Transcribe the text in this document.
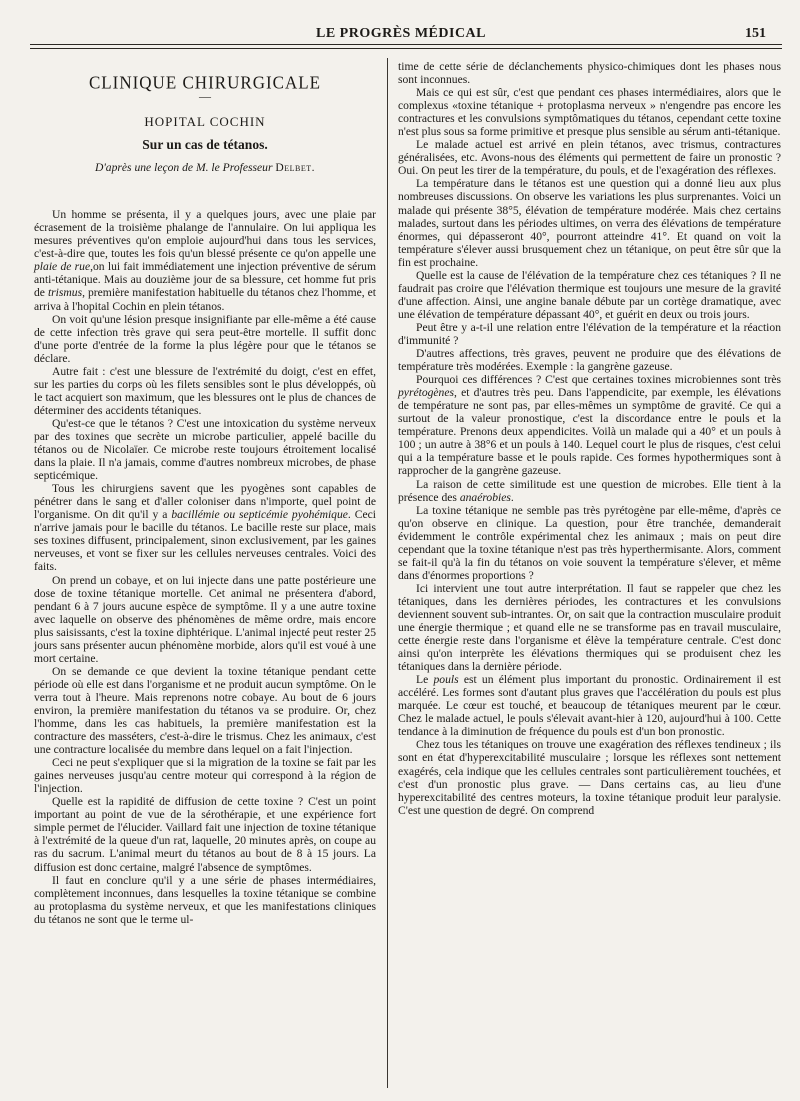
LE PROGRÈS MÉDICAL	151
CLINIQUE CHIRURGICALE
—
HOPITAL COCHIN
Sur un cas de tétanos.
D'après une leçon de M. le Professeur Delbet.

Un homme se présenta, il y a quelques jours, avec une plaie par écrasement de la troisième phalange de l'annulaire. On lui appliqua les mesures préventives qu'on emploie aujourd'hui dans tous les services, c'est-à-dire que, toutes les fois qu'un blessé présente ce qu'on appelle une plaie de rue,on lui fait immédiatement une injection préventive de sérum anti-tétanique. Mais au douzième jour de sa blessure, cet homme fut pris de trismus, première manifestation habituelle du tétanos chez l'homme, et arriva à l'hopital Cochin en plein tétanos.

On voit qu'une lésion presque insignifiante par elle-même a été cause de cette infection très grave qui sera peut-être mortelle. Il suffit donc d'une porte d'entrée de la forme la plus légère pour que le tétanos se déclare.

Autre fait : c'est une blessure de l'extrémité du doigt, c'est en effet, sur les parties du corps où les filets sensibles sont le plus développés, où le tact acquiert son maximum, que les blessures ont le plus de chances de déterminer des accidents tétaniques.

Qu'est-ce que le tétanos ? C'est une intoxication du système nerveux par des toxines que secrète un microbe particulier, appelé bacille du tétanos ou de Nicolaïer. Ce microbe reste toujours étroitement localisé dans la plaie. Il n'a jamais, comme d'autres nombreux microbes, de phase septicémique.

Tous les chirurgiens savent que les pyogènes sont capables de pénétrer dans le sang et d'aller coloniser dans n'importe, quel point de l'organisme. On dit qu'il y a bacillémie ou septicémie pyohémique. Ceci n'arrive jamais pour le bacille du tétanos. Le bacille reste sur place, mais ses toxines diffusent, principalement, sinon exclusivement, par les gaines nerveuses, et vont se fixer sur les cellules nerveuses centrales. Voici des faits.

On prend un cobaye, et on lui injecte dans une patte postérieure une dose de toxine tétanique mortelle. Cet animal ne présentera d'abord, pendant 6 à 7 jours aucune espèce de symptôme. Il y a une autre toxine avec laquelle on observe des phénomènes de même ordre, mais encore plus saisissants, c'est la toxine diphtérique. L'animal injecté peut rester 25 jours sans présenter aucun phénomène morbide, alors qu'il est voué à une mort certaine.

On se demande ce que devient la toxine tétanique pendant cette période où elle est dans l'organisme et ne produit aucun symptôme. On le verra tout à l'heure. Mais reprenons notre cobaye. Au bout de 6 jours environ, la première manifestation du tétanos va se produire. Or, chez l'homme, dans les cas habituels, la première manifestation est la contracture des masséters, c'est-à-dire le trismus. Chez les animaux, c'est une contracture localisée du membre dans lequel on a fait l'injection.

Ceci ne peut s'expliquer que si la migration de la toxine se fait par les gaines nerveuses jusqu'au centre moteur qui correspond à la région de l'injection.

Quelle est la rapidité de diffusion de cette toxine ? C'est un point important au point de vue de la sérothérapie, et une expérience fort simple permet de l'élucider. Vaillard fait une injection de toxine tétanique à l'extrémité de la queue d'un rat, laquelle, 20 minutes après, on coupe au ras du sacrum. L'animal meurt du tétanos au bout de 8 à 15 jours. La diffusion est donc certaine, malgré l'absence de symptômes.

Il faut en conclure qu'il y a une série de phases intermédiaires, complètement inconnues, dans lesquelles la toxine tétanique se combine au protoplasma du système nerveux, et que les manifestations cliniques du tétanos ne sont que le terme ul-

time de cette série de déclanchements physico-chimiques dont les phases nous sont inconnues.

Mais ce qui est sûr, c'est que pendant ces phases intermédiaires, alors que le complexus «toxine tétanique + protoplasma nerveux » n'engendre pas encore les contractures et les convulsions symptômatiques du tétanos, cependant cette toxine n'est plus sous sa forme primitive et presque plus sensible au sérum anti-tétanique.

Le malade actuel est arrivé en plein tétanos, avec trismus, contractures généralisées, etc. Avons-nous des éléments qui permettent de faire un pronostic ? Oui. On peut les tirer de la température, du pouls, et de l'exagération des réflexes.

La température dans le tétanos est une question qui a donné lieu aux plus nombreuses discussions. On observe les variations les plus surprenantes. Voici un malade qui présente 38°5, élévation de température modérée. Mais chez certains malades, surtout dans les périodes ultimes, on verra des élévations de température énormes, qui dépasseront 40°, pourront atteindre 41°. Et quand on voit la température s'élever aussi brusquement chez un tétanique, on peut être sûr que la fin est prochaine.

Quelle est la cause de l'élévation de la température chez ces tétaniques ? Il ne faudrait pas croire que l'élévation thermique est toujours une mesure de la gravité d'une affection. Ainsi, une angine banale débute par un cortège dramatique, avec une élévation de température dépassant 40°, et guérit en deux ou trois jours.

Peut être y a-t-il une relation entre l'élévation de la température et la réaction d'immunité ?

D'autres affections, très graves, peuvent ne produire que des élévations de température très modérées. Exemple : la gangrène gazeuse.

Pourquoi ces différences ? C'est que certaines toxines microbiennes sont très pyrétogènes, et d'autres très peu. Dans l'appendicite, par exemple, les élévations de température ne sont pas, par elles-mêmes un symptôme de gravité. Ce qui a surtout de la valeur pronostique, c'est la discordance entre le pouls et la température. Prenons deux appendicites. Voilà un malade qui a 40° et un pouls à 100 ; un autre à 38°6 et un pouls à 140. Lequel court le plus de risques, c'est celui qui a la température basse et le pouls rapide. Ces formes hypothermiques sont à rapprocher de la gangrène gazeuse.

La raison de cette similitude est une question de microbes. Elle tient à la présence des anaérobies.

La toxine tétanique ne semble pas très pyrétogène par elle-même, d'après ce qu'on observe en clinique. La question, pour être tranchée, demanderait évidemment le contrôle expérimental chez les animaux ; mais on peut dire cependant que la toxine tétanique n'est pas très hyperthermisante. Alors, comment se fait-il qu'à la fin du tétanos on voie souvent la température s'élever, et même dans d'énormes proportions ?

Ici intervient une tout autre interprétation. Il faut se rappeler que chez les tétaniques, dans les dernières périodes, les contractures et les convulsions deviennent souvent sub-intrantes. Or, on sait que la contraction musculaire produit une énergie thermique ; et quand elle ne se transforme pas en travail musculaire, cette énergie reste dans l'organisme et élève la température centrale. C'est donc ainsi qu'on interprète les élévations thermiques qui se produisent chez les tétaniques dans la dernière période.

Le pouls est un élément plus important du pronostic. Ordinairement il est accéléré. Les formes sont d'autant plus graves que l'accélération du pouls est plus marquée. Le cœur est touché, et beaucoup de tétaniques meurent par le cœur. Chez le malade actuel, le pouls s'élevait avant-hier à 120, aujourd'hui à 100. Cette tendance à la diminution de fréquence du pouls est d'un bon pronostic.

Chez tous les tétaniques on trouve une exagération des réflexes tendineux ; ils sont en état d'hyperexcitabilité musculaire ; lorsque les réflexes sont nettement exagérés, cela indique que les cellules centrales sont particulièrement touchées, et c'est d'un pronostic plus grave. — Dans certains cas, au lieu d'une hyperexcitabilité des centres moteurs, la toxine tétanique produit leur paralysie. C'est une question de degré. On comprend
